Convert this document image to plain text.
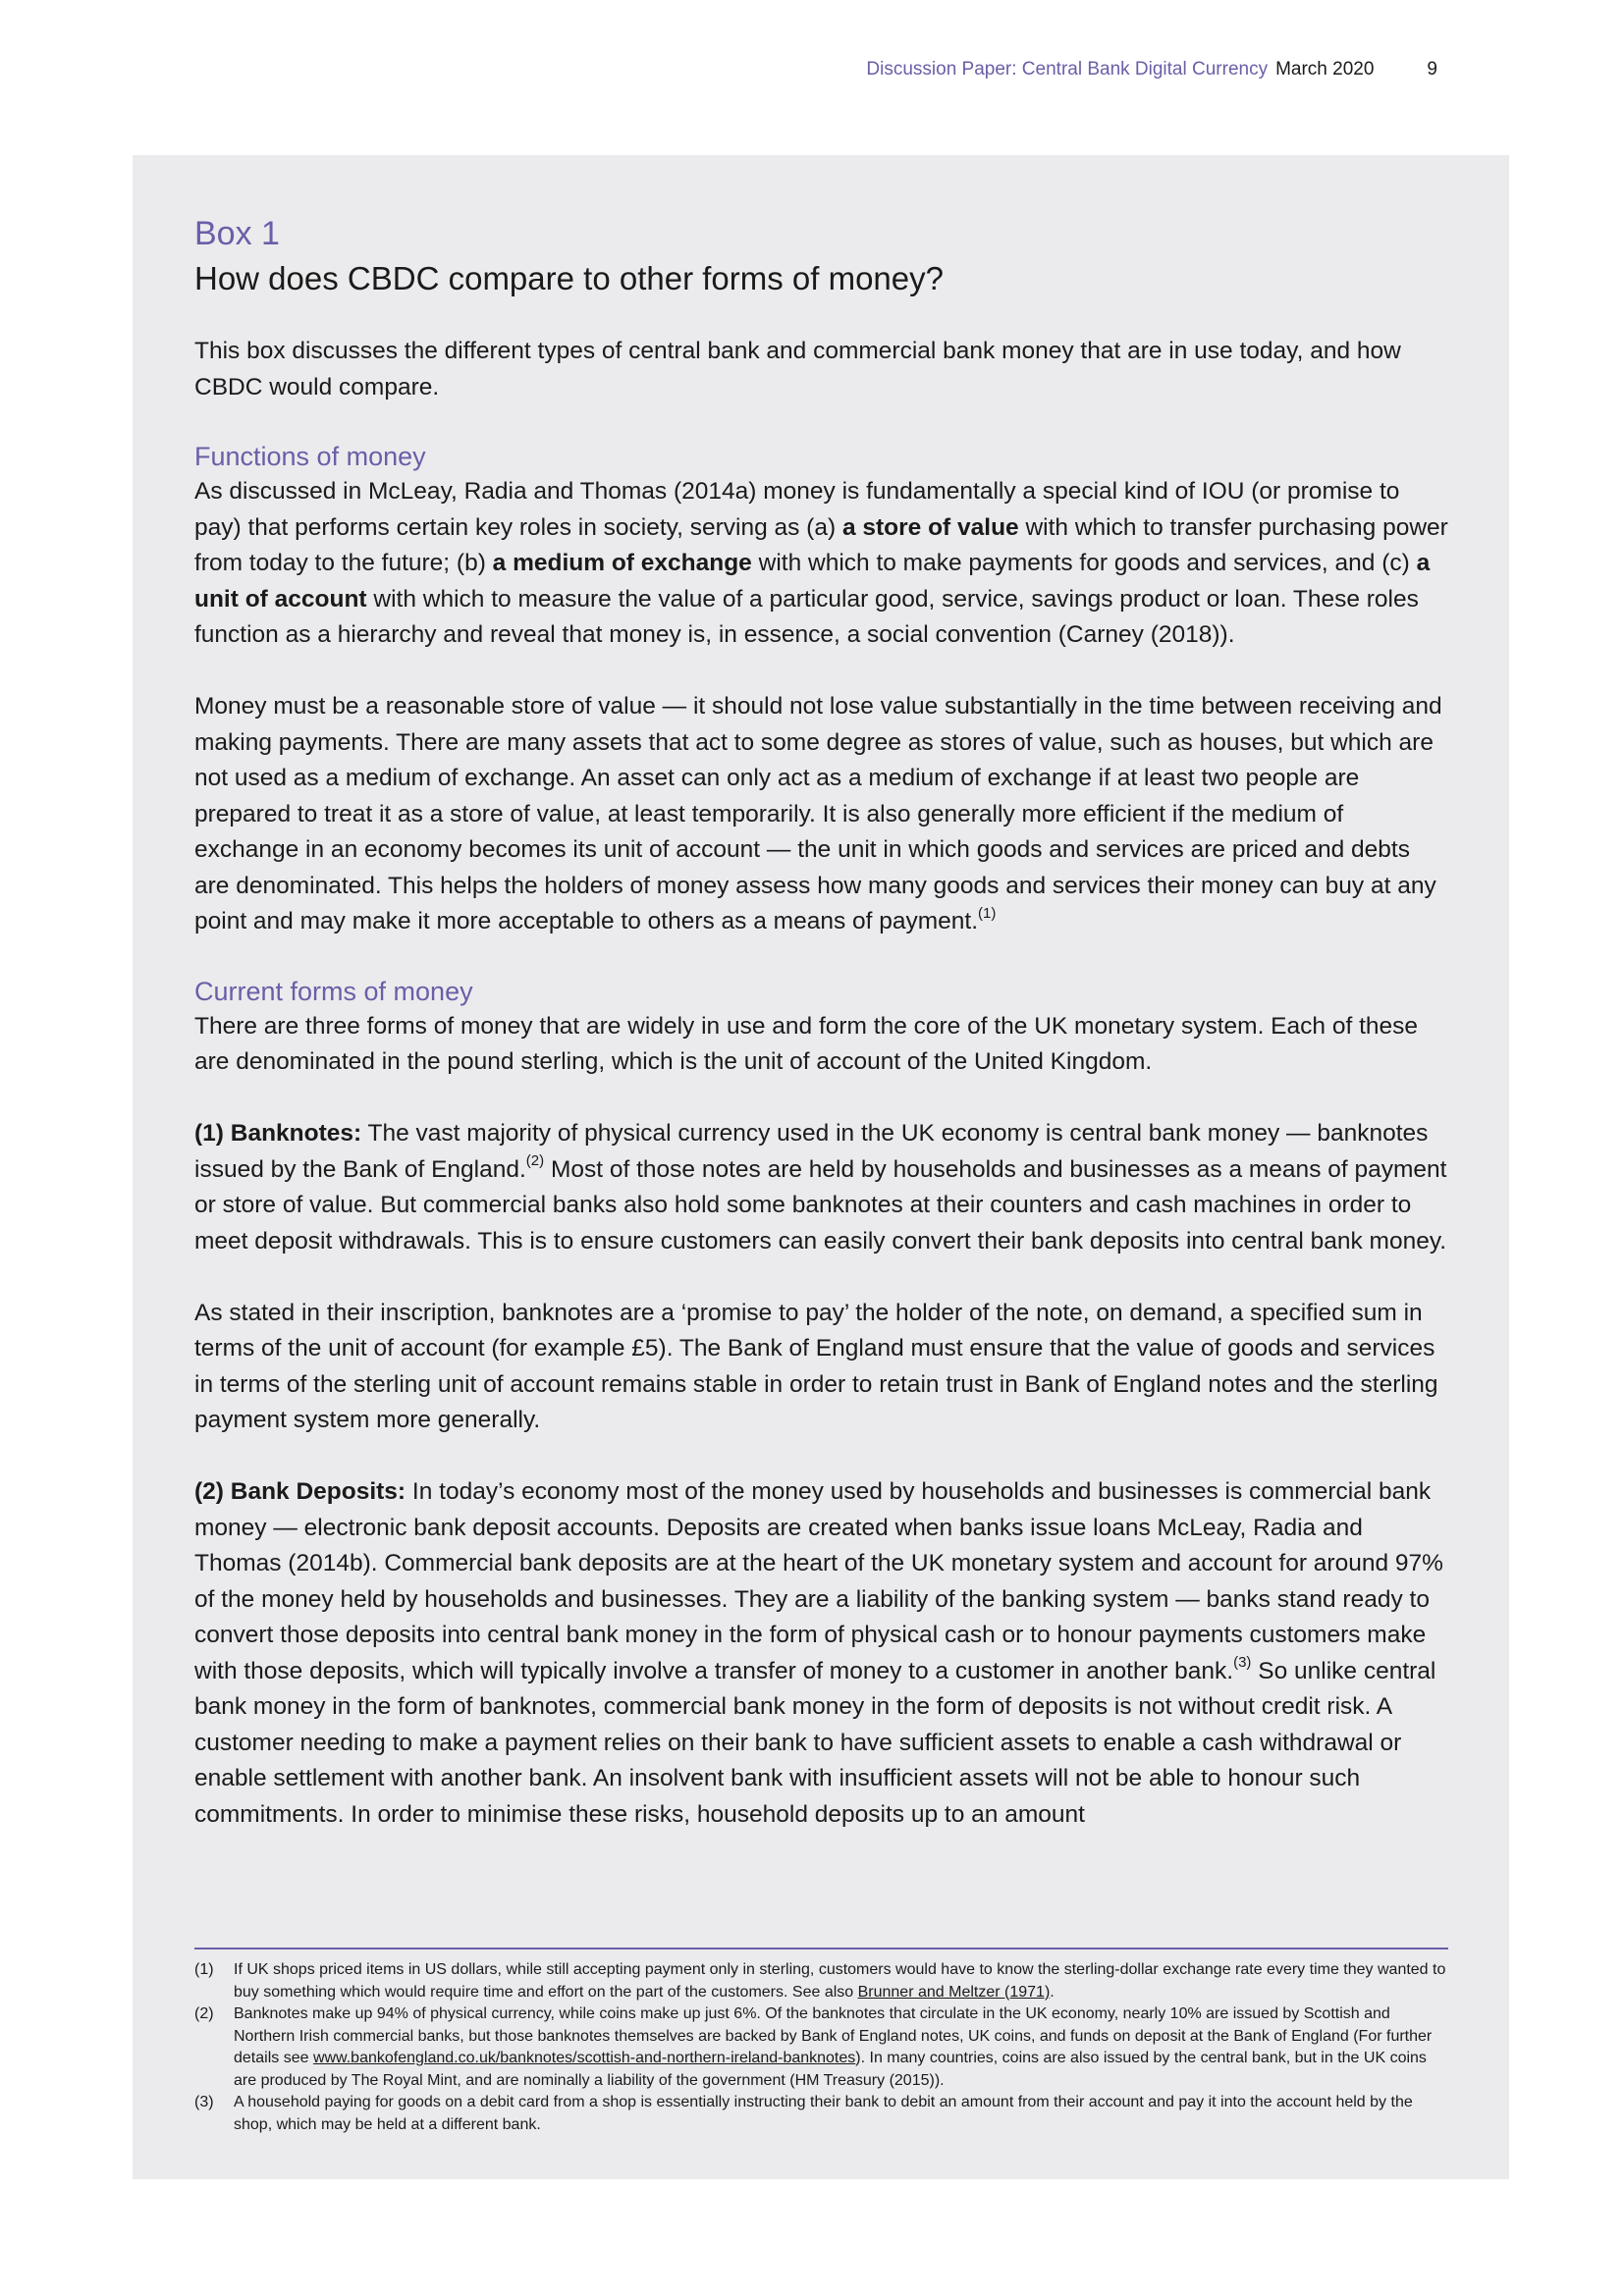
Discussion Paper: Central Bank Digital Currency March 2020	9

Box 1

How does CBDC compare to other forms of money?

This box discusses the different types of central bank and commercial bank money that are in use today, and how CBDC would compare.

Functions of money

As discussed in McLeay, Radia and Thomas (2014a) money is fundamentally a special kind of IOU (or promise to pay) that performs certain key roles in society, serving as (a) a store of value with which to transfer purchasing power from today to the future; (b) a medium of exchange with which to make payments for goods and services, and (c) a unit of account with which to measure the value of a particular good, service, savings product or loan. These roles function as a hierarchy and reveal that money is, in essence, a social convention (Carney (2018)).

Money must be a reasonable store of value — it should not lose value substantially in the time between receiving and making payments. There are many assets that act to some degree as stores of value, such as houses, but which are not used as a medium of exchange. An asset can only act as a medium of exchange if at least two people are prepared to treat it as a store of value, at least temporarily. It is also generally more efficient if the medium of exchange in an economy becomes its unit of account — the unit in which goods and services are priced and debts are denominated. This helps the holders of money assess how many goods and services their money can buy at any point and may make it more acceptable to others as a means of payment.$^{(1)}$

Current forms of money

There are three forms of money that are widely in use and form the core of the UK monetary system. Each of these are denominated in the pound sterling, which is the unit of account of the United Kingdom.

(1) Banknotes: The vast majority of physical currency used in the UK economy is central bank money — banknotes issued by the Bank of England.$^{(2)}$ Most of those notes are held by households and businesses as a means of payment or store of value. But commercial banks also hold some banknotes at their counters and cash machines in order to meet deposit withdrawals. This is to ensure customers can easily convert their bank deposits into central bank money.

As stated in their inscription, banknotes are a ‘promise to pay’ the holder of the note, on demand, a specified sum in terms of the unit of account (for example £5). The Bank of England must ensure that the value of goods and services in terms of the sterling unit of account remains stable in order to retain trust in Bank of England notes and the sterling payment system more generally.

(2) Bank Deposits: In today’s economy most of the money used by households and businesses is commercial bank money — electronic bank deposit accounts. Deposits are created when banks issue loans McLeay, Radia and Thomas (2014b). Commercial bank deposits are at the heart of the UK monetary system and account for around 97% of the money held by households and businesses. They are a liability of the banking system — banks stand ready to convert those deposits into central bank money in the form of physical cash or to honour payments customers make with those deposits, which will typically involve a transfer of money to a customer in another bank.$^{(3)}$ So unlike central bank money in the form of banknotes, commercial bank money in the form of deposits is not without credit risk. A customer needing to make a payment relies on their bank to have sufficient assets to enable a cash withdrawal or enable settlement with another bank. An insolvent bank with insufficient assets will not be able to honour such commitments. In order to minimise these risks, household deposits up to an amount

(1)	If UK shops priced items in US dollars, while still accepting payment only in sterling, customers would have to know the sterling-dollar exchange rate every time they wanted to buy something which would require time and effort on the part of the customers. See also Brunner and Meltzer (1971).
(2)	Banknotes make up 94% of physical currency, while coins make up just 6%. Of the banknotes that circulate in the UK economy, nearly 10% are issued by Scottish and Northern Irish commercial banks, but those banknotes themselves are backed by Bank of England notes, UK coins, and funds on deposit at the Bank of England (For further details see www.bankofengland.co.uk/banknotes/scottish-and-northern-ireland-banknotes). In many countries, coins are also issued by the central bank, but in the UK coins are produced by The Royal Mint, and are nominally a liability of the government (HM Treasury (2015)).
(3)	A household paying for goods on a debit card from a shop is essentially instructing their bank to debit an amount from their account and pay it into the account held by the shop, which may be held at a different bank.
